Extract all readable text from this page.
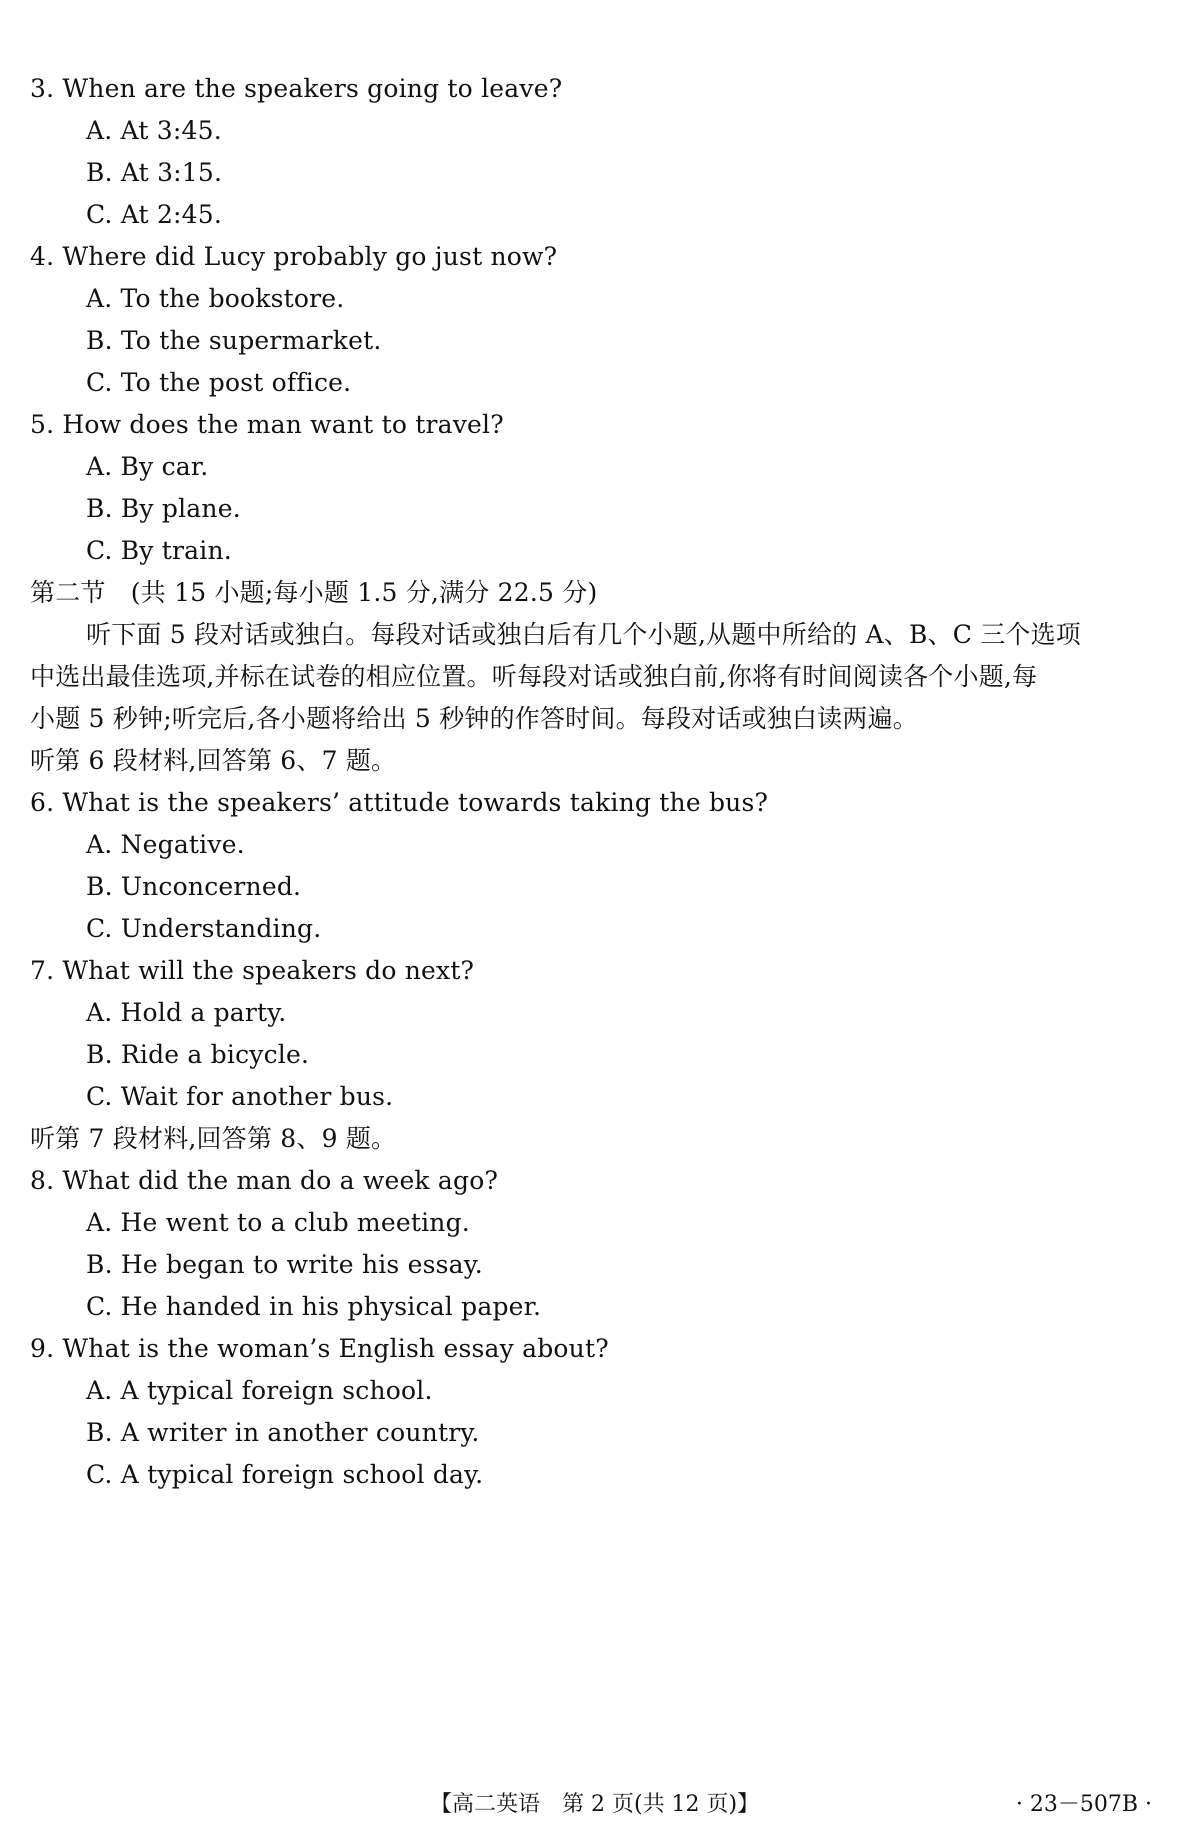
3. When are the speakers going to leave?
A. At 3:45.
B. At 3:15.
C. At 2:45.
4. Where did Lucy probably go just now?
A. To the bookstore.
B. To the supermarket.
C. To the post office.
5. How does the man want to travel?
A. By car.
B. By plane.
C. By train.
第二节　(共 15 小题;每小题 1.5 分,满分 22.5 分)
听下面 5 段对话或独白。每段对话或独白后有几个小题,从题中所给的 A、B、C 三个选项
中选出最佳选项,并标在试卷的相应位置。听每段对话或独白前,你将有时间阅读各个小题,每
小题 5 秒钟;听完后,各小题将给出 5 秒钟的作答时间。每段对话或独白读两遍。
听第 6 段材料,回答第 6、7 题。
6. What is the speakers’ attitude towards taking the bus?
A. Negative.
B. Unconcerned.
C. Understanding.
7. What will the speakers do next?
A. Hold a party.
B. Ride a bicycle.
C. Wait for another bus.
听第 7 段材料,回答第 8、9 题。
8. What did the man do a week ago?
A. He went to a club meeting.
B. He began to write his essay.
C. He handed in his physical paper.
9. What is the woman’s English essay about?
A. A typical foreign school.
B. A writer in another country.
C. A typical foreign school day.
【高二英语　第 2 页(共 12 页)】	· 23－507B ·
